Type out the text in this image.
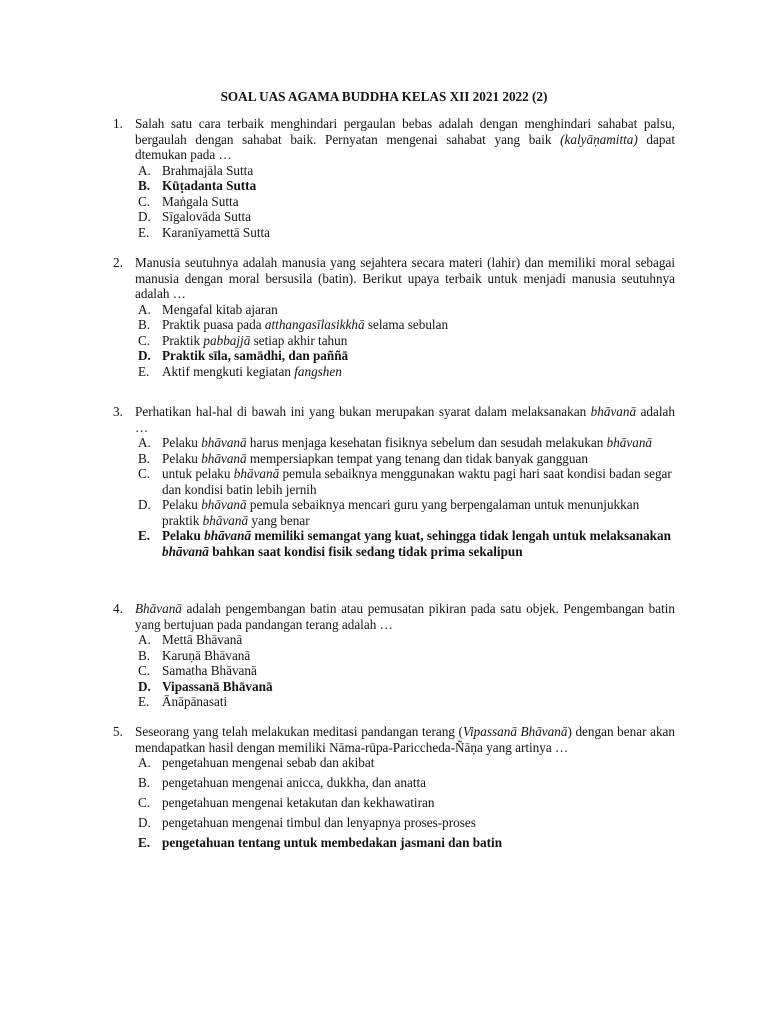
SOAL UAS AGAMA BUDDHA KELAS XII 2021 2022 (2)
1. Salah satu cara terbaik menghindari pergaulan bebas adalah dengan menghindari sahabat palsu, bergaulah dengan sahabat baik. Pernyatan mengenai sahabat yang baik (kalyāṇamitta) dapat dtemukan pada …
A. Brahmajāla Sutta
B. Kūṭadanta Sutta
C. Maṅgala Sutta
D. Sīgalovāda Sutta
E. Karanīyamettā Sutta
2. Manusia seutuhnya adalah manusia yang sejahtera secara materi (lahir) dan memiliki moral sebagai manusia dengan moral bersusila (batin). Berikut upaya terbaik untuk menjadi manusia seutuhnya adalah …
A. Mengafal kitab ajaran
B. Praktik puasa pada atthangasīlasikkhā selama sebulan
C. Praktik pabbajjā setiap akhir tahun
D. Praktik sīla, samādhi, dan paññā
E. Aktif mengkuti kegiatan fangshen
3. Perhatikan hal-hal di bawah ini yang bukan merupakan syarat dalam melaksanakan bhāvanā adalah …
A. Pelaku bhāvanā harus menjaga kesehatan fisiknya sebelum dan sesudah melakukan bhāvanā
B. Pelaku bhāvanā mempersiapkan tempat yang tenang dan tidak banyak gangguan
C. untuk pelaku bhāvanā pemula sebaiknya menggunakan waktu pagi hari saat kondisi badan segar dan kondisi batin lebih jernih
D. Pelaku bhāvanā pemula sebaiknya mencari guru yang berpengalaman untuk menunjukkan praktik bhāvanā yang benar
E. Pelaku bhāvanā memiliki semangat yang kuat, sehingga tidak lengah untuk melaksanakan bhāvanā bahkan saat kondisi fisik sedang tidak prima sekalipun
4. Bhāvanā adalah pengembangan batin atau pemusatan pikiran pada satu objek. Pengembangan batin yang bertujuan pada pandangan terang adalah …
A. Mettā Bhāvanā
B. Karuṇā Bhāvanā
C. Samatha Bhāvanā
D. Vipassanā Bhāvanā
E. Ānāpānasati
5. Seseorang yang telah melakukan meditasi pandangan terang (Vipassanā Bhāvanā) dengan benar akan mendapatkan hasil dengan memiliki Nāma-rūpa-Pariccheda-Ñāṇa yang artinya …
A. pengetahuan mengenai sebab dan akibat
B. pengetahuan mengenai anicca, dukkha, dan anatta
C. pengetahuan mengenai ketakutan dan kekhawatiran
D. pengetahuan mengenai timbul dan lenyapnya proses-proses
E. pengetahuan tentang untuk membedakan jasmani dan batin
